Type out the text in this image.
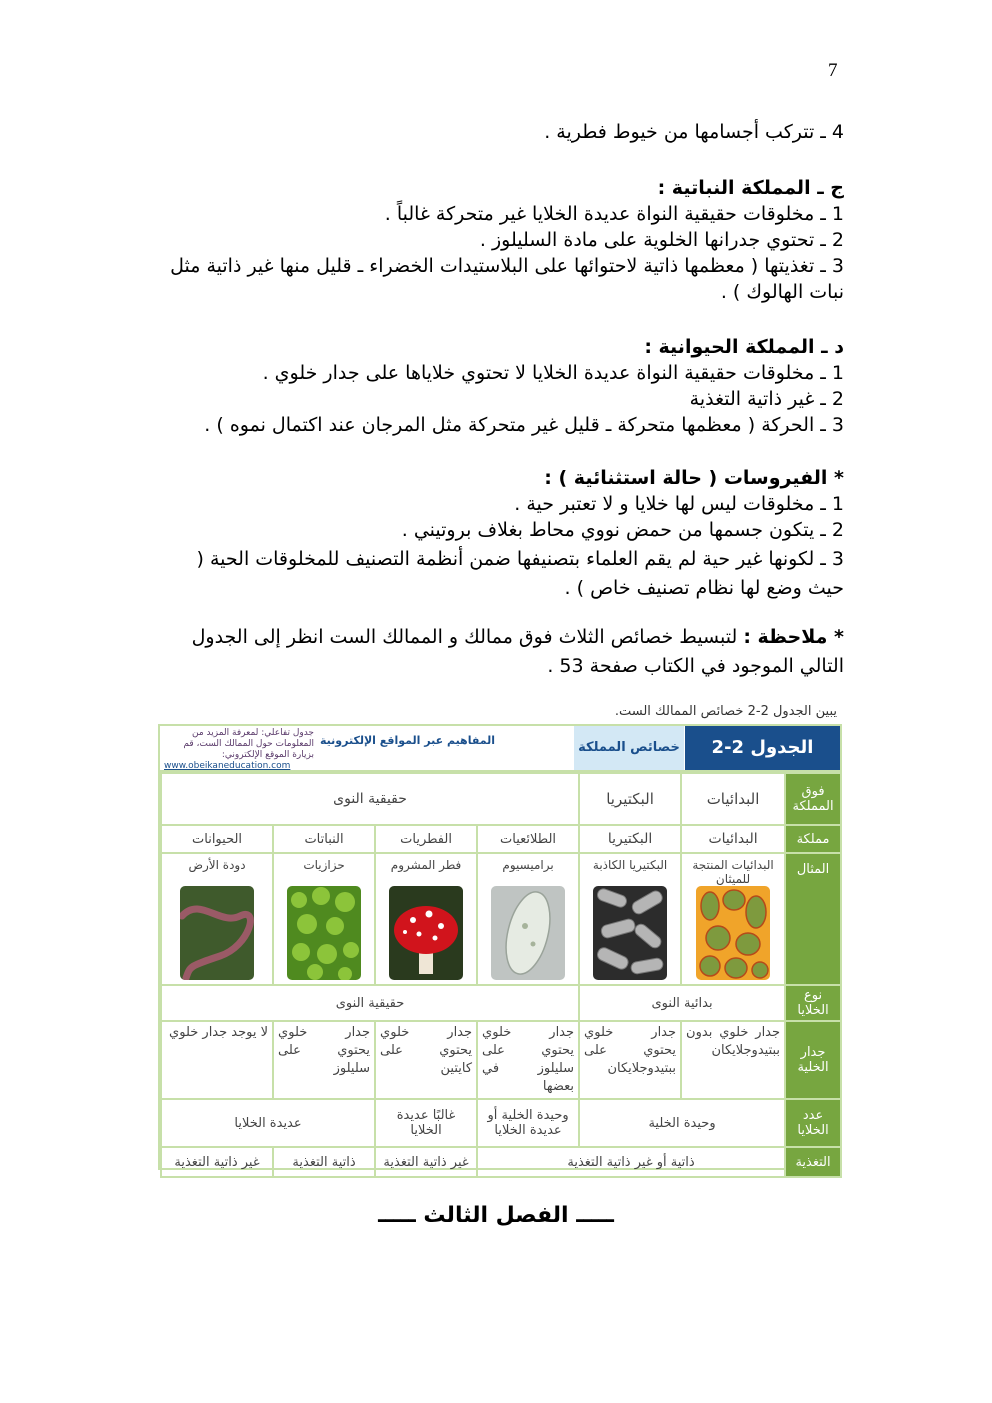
7
4 ـ تتركب أجسامها من خيوط فطرية .
ج ـ المملكة النباتية :
1 ـ مخلوقات حقيقية النواة عديدة الخلايا غير متحركة غالباً .
2 ـ تحتوي جدرانها الخلوية على مادة السليلوز .
3 ـ تغذيتها ( معظمها ذاتية لاحتوائها على البلاستيدات الخضراء ـ قليل منها غير ذاتية مثل نبات الهالوك ) .
د ـ المملكة الحيوانية :
1 ـ مخلوقات حقيقية النواة عديدة الخلايا لا تحتوي خلاياها على جدار خلوي .
2 ـ غير ذاتية التغذية
3 ـ الحركة ( معظمها متحركة ـ قليل غير متحركة مثل المرجان عند اكتمال نموه ) .
* الفيروسات ( حالة استثنائية ) :
1 ـ مخلوقات ليس لها خلايا و لا تعتبر حية .
2 ـ يتكون جسمها من حمض نووي محاط بغلاف بروتيني .
3 ـ لكونها غير حية لم يقم العلماء بتصنيفها ضمن أنظمة التصنيف للمخلوقات الحية ( حيث وضع لها نظام تصنيف خاص ) .
* ملاحظة : لتبسيط خصائص الثلاث فوق ممالك و الممالك الست انظر إلى الجدول التالي الموجود في الكتاب صفحة 53 .
يبين الجدول 2-2 خصائص الممالك الست.
الجدول 2-2
خصائص المملكة
المفاهيم عبر المواقع الإلكترونية
جدول تفاعلي: لمعرفة المزيد من المعلومات حول الممالك الست، قم بزيارة الموقع الإلكتروني:
www.obeikaneducation.com
فوق المملكة	البدائيات	البكتيريا	حقيقية النوى			
مملكة	البدائيات	البكتيريا	الطلائعيات	الفطريات	النباتات	الحيوانات
المثال	البدائيات المنتجة للميثان	البكتيريا الكاذبة	براميسيوم	فطر المشروم	حزازيات	دودة الأرض

نوع الخلايا	بدائية النوى		حقيقية النوى			
جدار الخلية	جدار خلوي بدون ببتيدوجلايكان	جدار خلوي يحتوي على ببتيدوجلايكان	جدار خلوي يحتوي على سليلوز في بعضها	جدار خلوي يحتوي على كايتين	جدار خلوي يحتوي على سليلوز	لا يوجد جدار خلوي
عدد الخلايا	وحيدة الخلية		وحيدة الخلية أو عديدة الخلايا	غالبًا عديدة الخلايا	عديدة الخلايا	
التغذية	ذاتية أو غير ذاتية التغذية			غير ذاتية التغذية	ذاتية التغذية	غير ذاتية التغذية
ـــــ الفصل الثالث ـــــ
